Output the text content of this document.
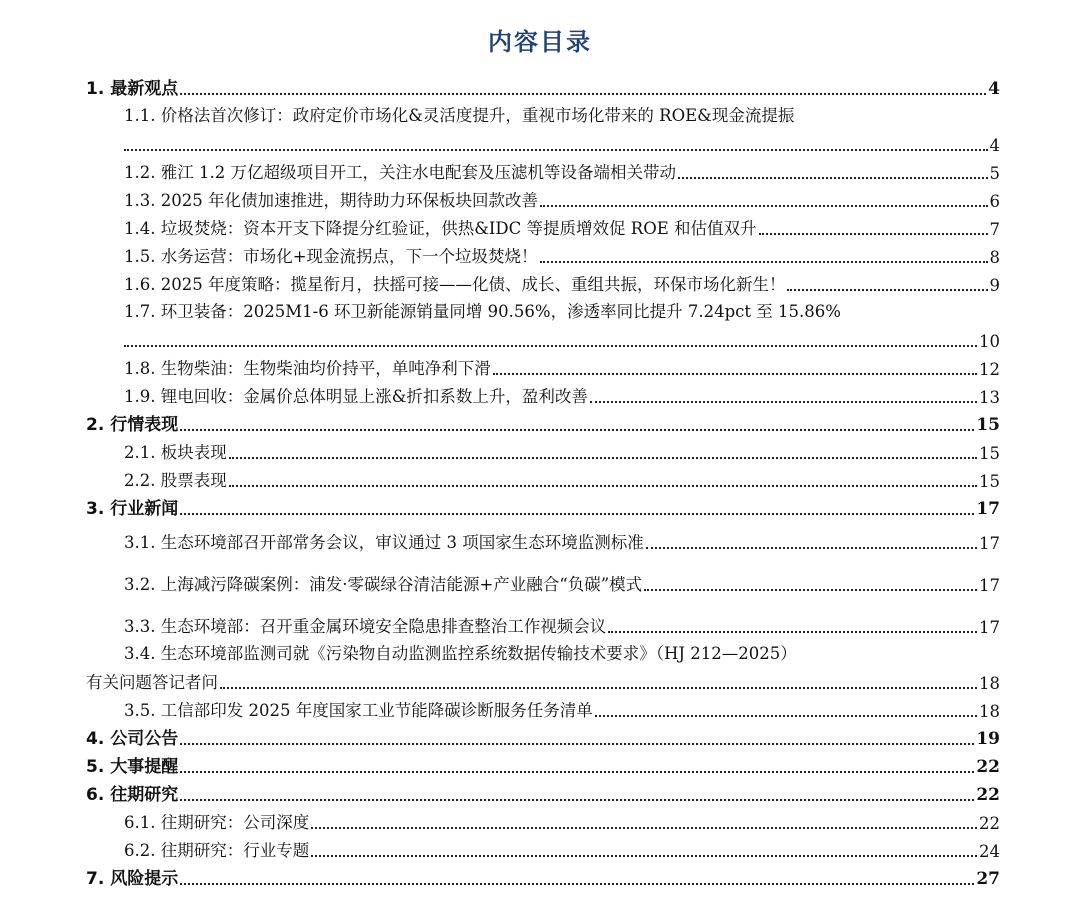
内容目录
1. 最新观点	4
1.1. 价格法首次修订：政府定价市场化&灵活度提升，重视市场化带来的 ROE&现金流提振
4
1.2. 雅江 1.2 万亿超级项目开工，关注水电配套及压滤机等设备端相关带动	5
1.3. 2025 年化债加速推进，期待助力环保板块回款改善	6
1.4. 垃圾焚烧：资本开支下降提分红验证，供热&IDC 等提质增效促 ROE 和估值双升	7
1.5. 水务运营：市场化+现金流拐点，下一个垃圾焚烧！	8
1.6. 2025 年度策略：揽星衔月，扶摇可接——化债、成长、重组共振，环保市场化新生！	9
1.7. 环卫装备：2025M1-6 环卫新能源销量同增 90.56%，渗透率同比提升 7.24pct 至 15.86%
10
1.8. 生物柴油：生物柴油均价持平，单吨净利下滑	12
1.9. 锂电回收：金属价总体明显上涨&折扣系数上升，盈利改善	13
2. 行情表现	15
2.1. 板块表现	15
2.2. 股票表现	15
3. 行业新闻	17
3.1. 生态环境部召开部常务会议，审议通过 3 项国家生态环境监测标准	17
3.2. 上海减污降碳案例：浦发·零碳绿谷清洁能源+产业融合“负碳”模式	17
3.3. 生态环境部：召开重金属环境安全隐患排查整治工作视频会议	17
3.4. 生态环境部监测司就《污染物自动监测监控系统数据传输技术要求》（HJ 212—2025）
有关问题答记者问	18
3.5. 工信部印发 2025 年度国家工业节能降碳诊断服务任务清单	18
4. 公司公告	19
5. 大事提醒	22
6. 往期研究	22
6.1. 往期研究：公司深度	22
6.2. 往期研究：行业专题	24
7. 风险提示	27
